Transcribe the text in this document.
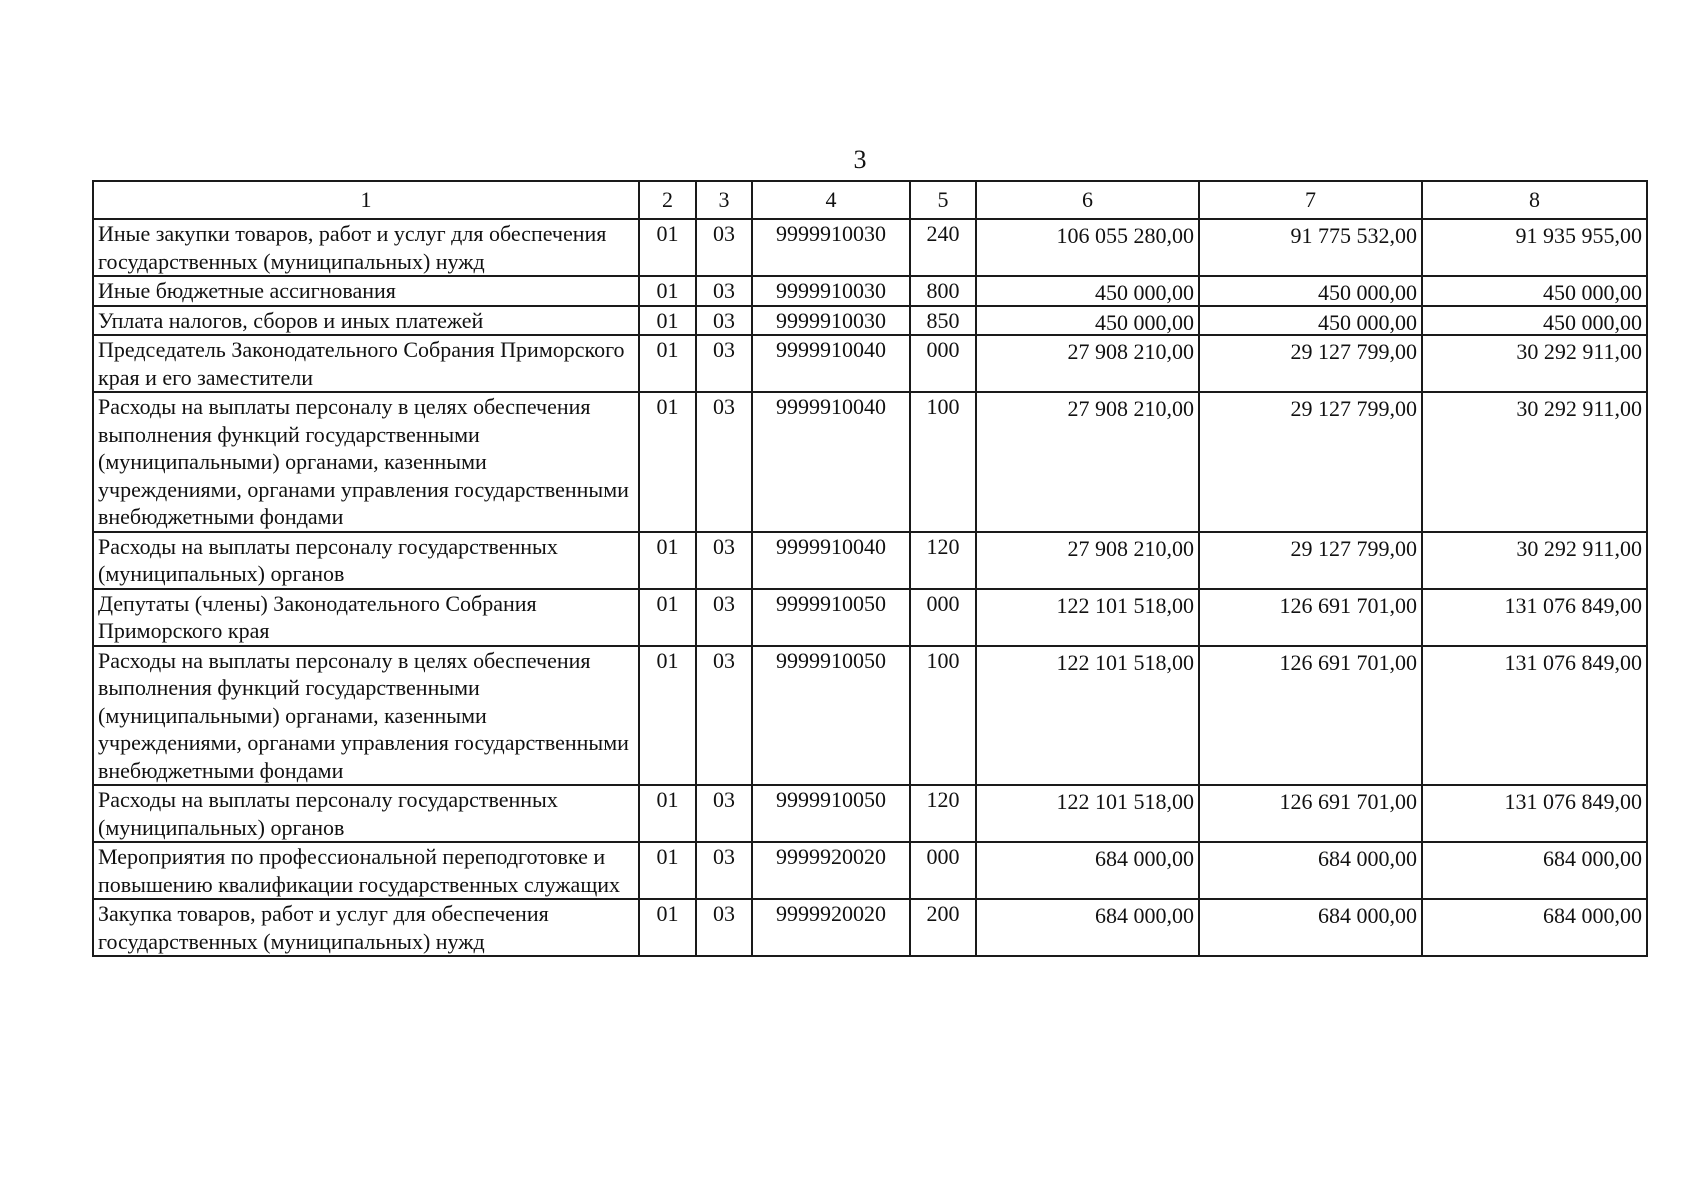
3
1	2	3	4	5	6	7	8
Иные закупки товаров, работ и услуг для обеспечения государственных (муниципальных) нужд	01	03	9999910030	240	106 055 280,00	91 775 532,00	91 935 955,00

Иные бюджетные ассигнования	01	03	9999910030	800	450 000,00	450 000,00	450 000,00

Уплата налогов, сборов и иных платежей	01	03	9999910030	850	450 000,00	450 000,00	450 000,00

Председатель Законодательного Собрания Приморского края и его заместители	01	03	9999910040	000	27 908 210,00	29 127 799,00	30 292 911,00

Расходы на выплаты персоналу в целях обеспечения выполнения функций государственными (муниципальными) органами, казенными учреждениями, органами управления государственными внебюджетными фондами	01	03	9999910040	100	27 908 210,00	29 127 799,00	30 292 911,00

Расходы на выплаты персоналу государственных (муниципальных) органов	01	03	9999910040	120	27 908 210,00	29 127 799,00	30 292 911,00

Депутаты (члены) Законодательного Собрания Приморского края	01	03	9999910050	000	122 101 518,00	126 691 701,00	131 076 849,00

Расходы на выплаты персоналу в целях обеспечения выполнения функций государственными (муниципальными) органами, казенными учреждениями, органами управления государственными внебюджетными фондами	01	03	9999910050	100	122 101 518,00	126 691 701,00	131 076 849,00

Расходы на выплаты персоналу государственных (муниципальных) органов	01	03	9999910050	120	122 101 518,00	126 691 701,00	131 076 849,00

Мероприятия по профессиональной переподготовке и повышению квалификации государственных служащих	01	03	9999920020	000	684 000,00	684 000,00	684 000,00

Закупка товаров, работ и услуг для обеспечения государственных (муниципальных) нужд	01	03	9999920020	200	684 000,00	684 000,00	684 000,00
